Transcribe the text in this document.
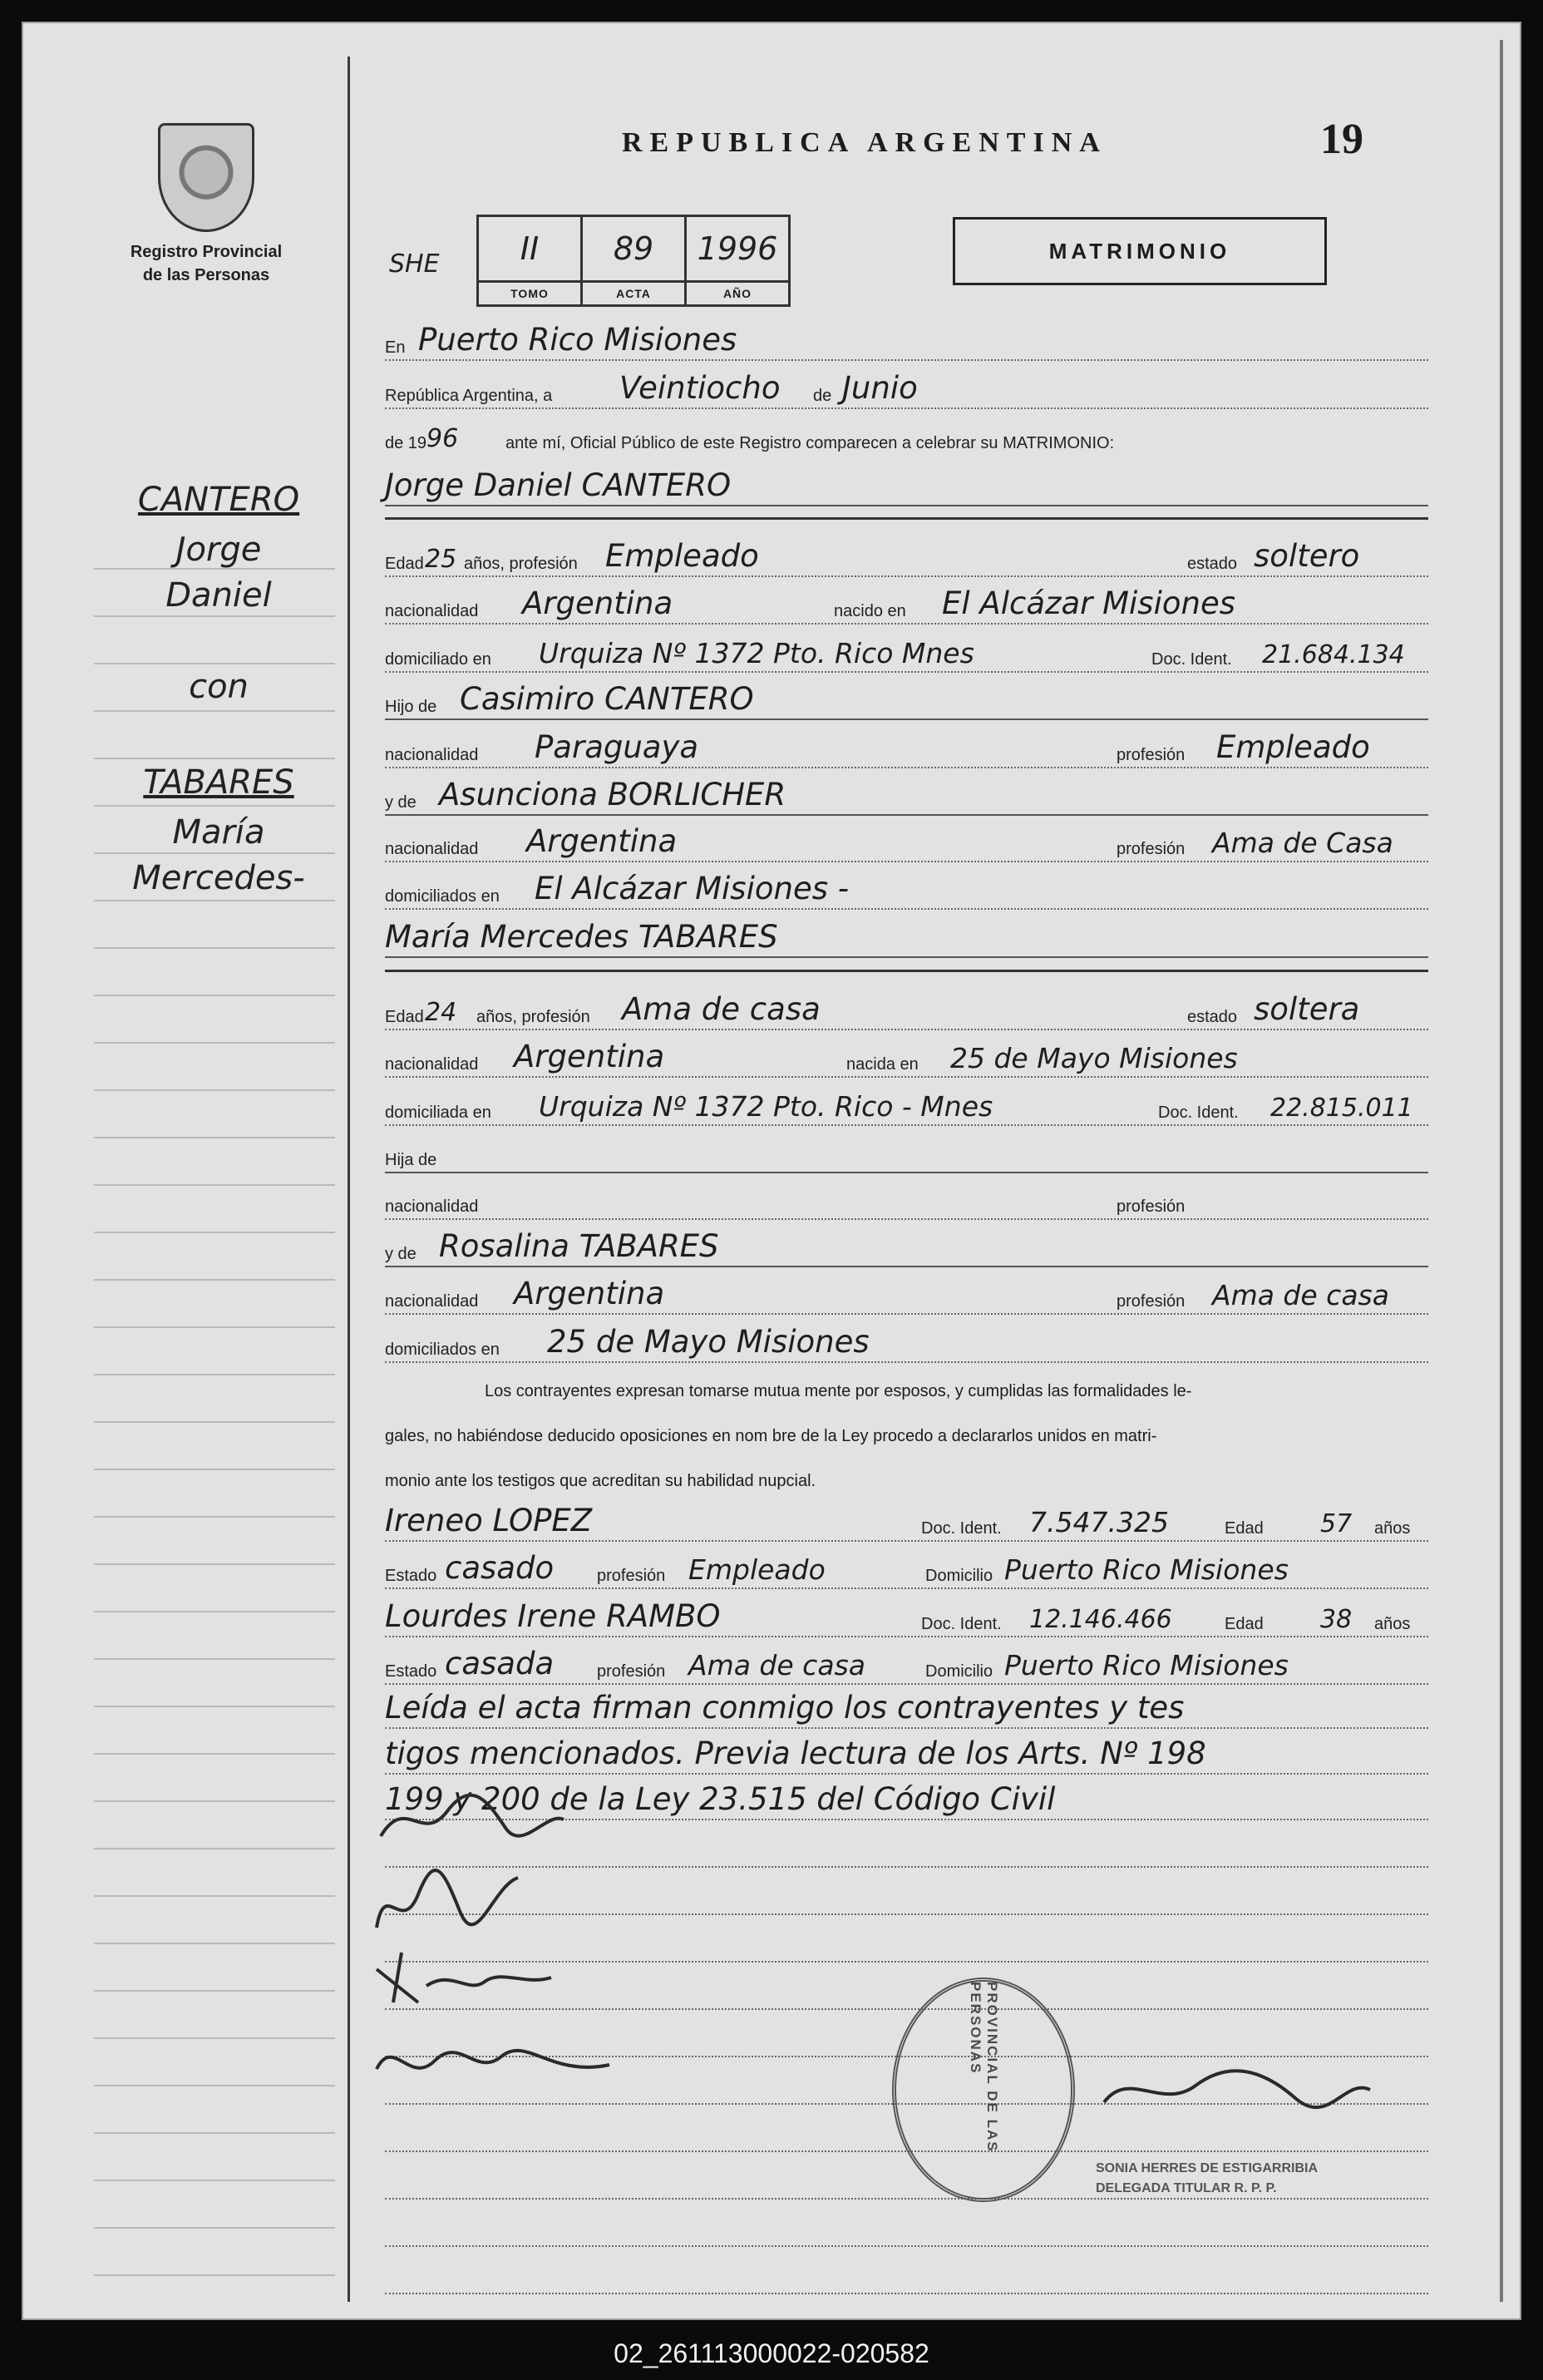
Registro Provincial
de las Personas
CANTERO
Jorge
Daniel
con
TABARES
María
Mercedes-
REPUBLICA ARGENTINA	19
SHE	II	89	1996
TOMO	ACTA	AÑO
MATRIMONIO
En Puerto Rico Misiones
República Argentina, a Veintiocho de Junio
de 19 96	ante mí, Oficial Público de este Registro comparecen a celebrar su MATRIMONIO:
Jorge Daniel CANTERO
Edad 25 años, profesión Empleado	estado soltero
nacionalidad Argentina	nacido en El Alcázar Misiones
domiciliado en Urquiza Nº 1372 Pto. Rico Mnes	Doc. Ident. 21.684.134
Hijo de Casimiro CANTERO
nacionalidad Paraguaya	profesión Empleado
y de Asunciona BORLICHER
nacionalidad Argentina	profesión Ama de Casa
domiciliados en El Alcázar Misiones -
María Mercedes TABARES
Edad 24 años, profesión Ama de casa	estado soltera
nacionalidad Argentina	nacida en 25 de Mayo Misiones
domiciliada en Urquiza Nº 1372 Pto. Rico - Mnes	Doc. Ident. 22.815.011
Hija de
nacionalidad	profesión
y de Rosalina TABARES
nacionalidad Argentina	profesión Ama de casa
domiciliados en 25 de Mayo Misiones
Los contrayentes expresan tomarse mutua mente por esposos, y cumplidas las formalidades le-
gales, no habiéndose deducido oposiciones en nom bre de la Ley procedo a declararlos unidos en matri-
monio ante los testigos que acreditan su habilidad nupcial.
Ireneo LOPEZ	Doc. Ident. 7.547.325	Edad 57 años
Estado casado	profesión Empleado	Domicilio Puerto Rico Misiones
Lourdes Irene RAMBO	Doc. Ident. 12.146.466	Edad 38 años
Estado casada	profesión Ama de casa	Domicilio Puerto Rico Misiones
Leída el acta firman conmigo los contrayentes y tes
tigos mencionados. Previa lectura de los Arts. Nº 198
199 y 200 de la Ley 23.515 del Código Civil
PROVINCIAL DE LAS PERSONAS
SONIA HERRES DE ESTIGARRIBIA
DELEGADA TITULAR R. P. P.
02_261113000022-020582
